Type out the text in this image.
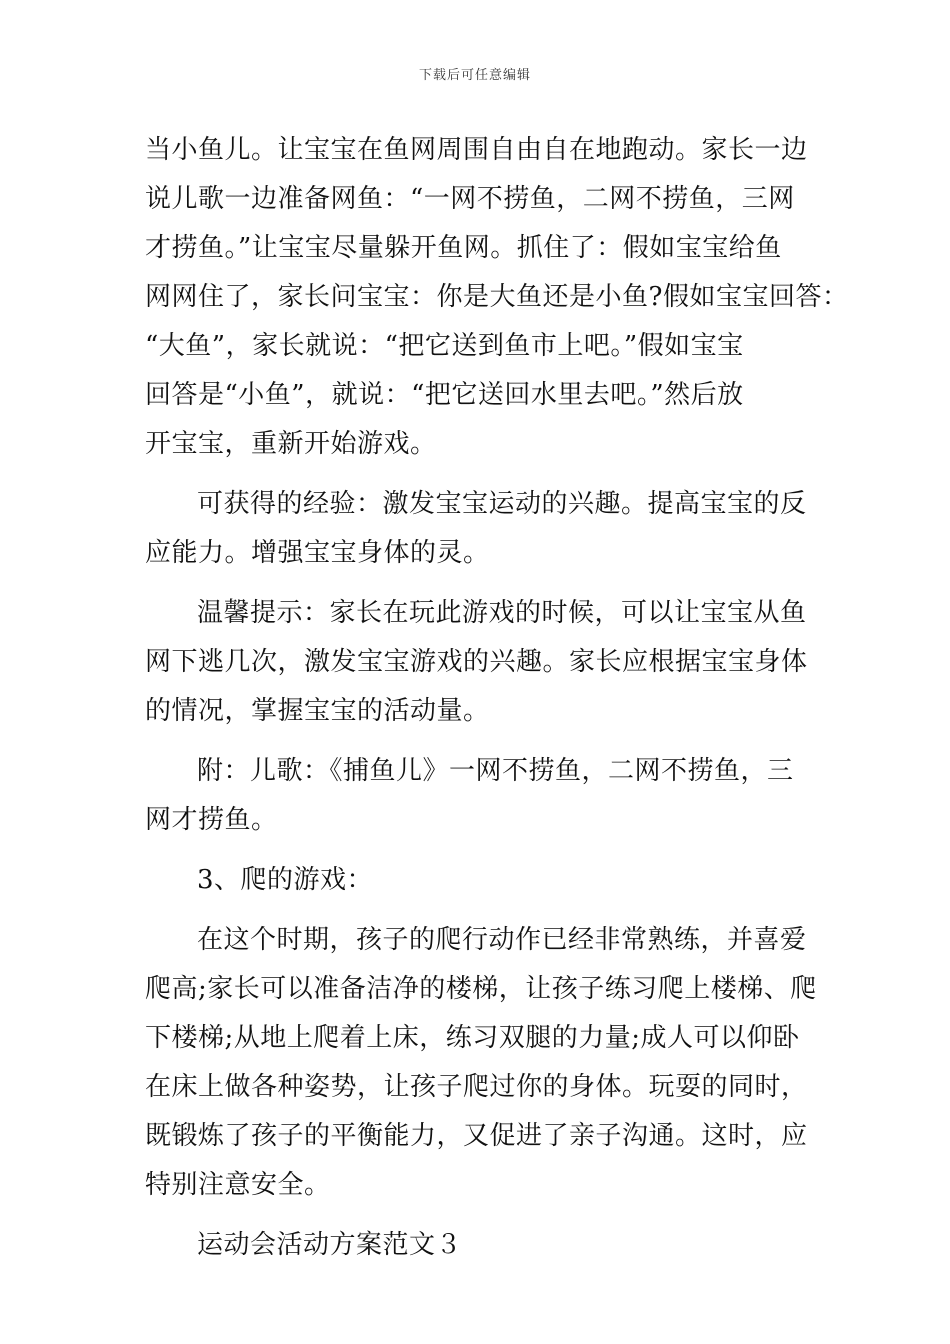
下载后可任意编辑
当小鱼儿。让宝宝在鱼网周围自由自在地跑动。家长一边
说儿歌一边准备网鱼：“一网不捞鱼，二网不捞鱼，三网
才捞鱼。”让宝宝尽量躲开鱼网。抓住了：假如宝宝给鱼
网网住了，家长问宝宝：你是大鱼还是小鱼?假如宝宝回答：
“大鱼”，家长就说：“把它送到鱼市上吧。”假如宝宝
回答是“小鱼”，就说：“把它送回水里去吧。”然后放
开宝宝，重新开始游戏。
可获得的经验：激发宝宝运动的兴趣。提高宝宝的反
应能力。增强宝宝身体的灵。
温馨提示：家长在玩此游戏的时候，可以让宝宝从鱼
网下逃几次，激发宝宝游戏的兴趣。家长应根据宝宝身体
的情况，掌握宝宝的活动量。
附：儿歌：《捕鱼儿》一网不捞鱼，二网不捞鱼，三
网才捞鱼。
3、爬的游戏：
在这个时期，孩子的爬行动作已经非常熟练，并喜爱
爬高;家长可以准备洁净的楼梯，让孩子练习爬上楼梯、爬
下楼梯;从地上爬着上床，练习双腿的力量;成人可以仰卧
在床上做各种姿势，让孩子爬过你的身体。玩耍的同时，
既锻炼了孩子的平衡能力，又促进了亲子沟通。这时，应
特别注意安全。
运动会活动方案范文３
